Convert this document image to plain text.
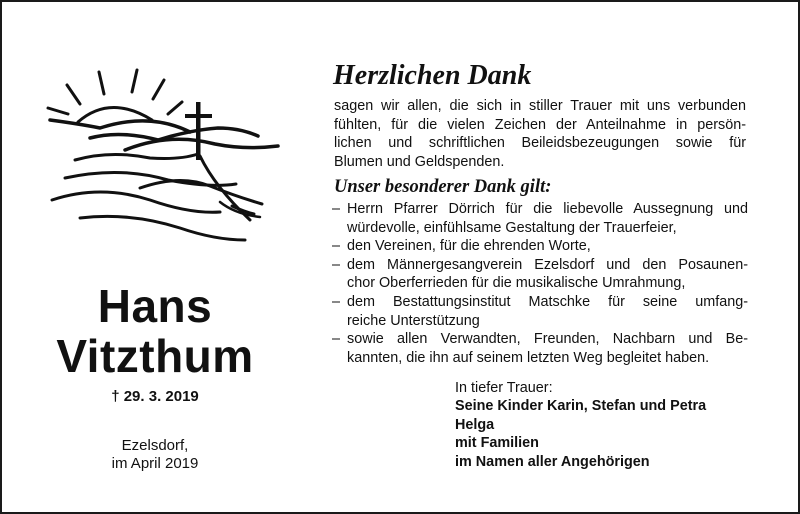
Hans
Vitzthum
† 29. 3. 2019
Ezelsdorf,
im April 2019
Herzlichen Dank
sagen wir allen, die sich in stiller Trauer mit uns verbunden
fühlten, für die vielen Zeichen der Anteilnahme in persön-
lichen und schriftlichen Beileidsbezeugungen sowie für
Blumen und Geldspenden.
Unser besonderer Dank gilt:
– Herrn Pfarrer Dörrich für die liebevolle Aussegnung und
würdevolle, einfühlsame Gestaltung der Trauerfeier,
– den Vereinen, für die ehrenden Worte,
– dem Männergesangverein Ezelsdorf und den Posaunen-
chor Oberferrieden für die musikalische Umrahmung,
– dem Bestattungsinstitut Matschke für seine umfang-
reiche Unterstützung
– sowie allen Verwandten, Freunden, Nachbarn und Be-
kannten, die ihn auf seinem letzten Weg begleitet haben.
In tiefer Trauer:
Seine Kinder Karin, Stefan und Petra
Helga
mit Familien
im Namen aller Angehörigen
